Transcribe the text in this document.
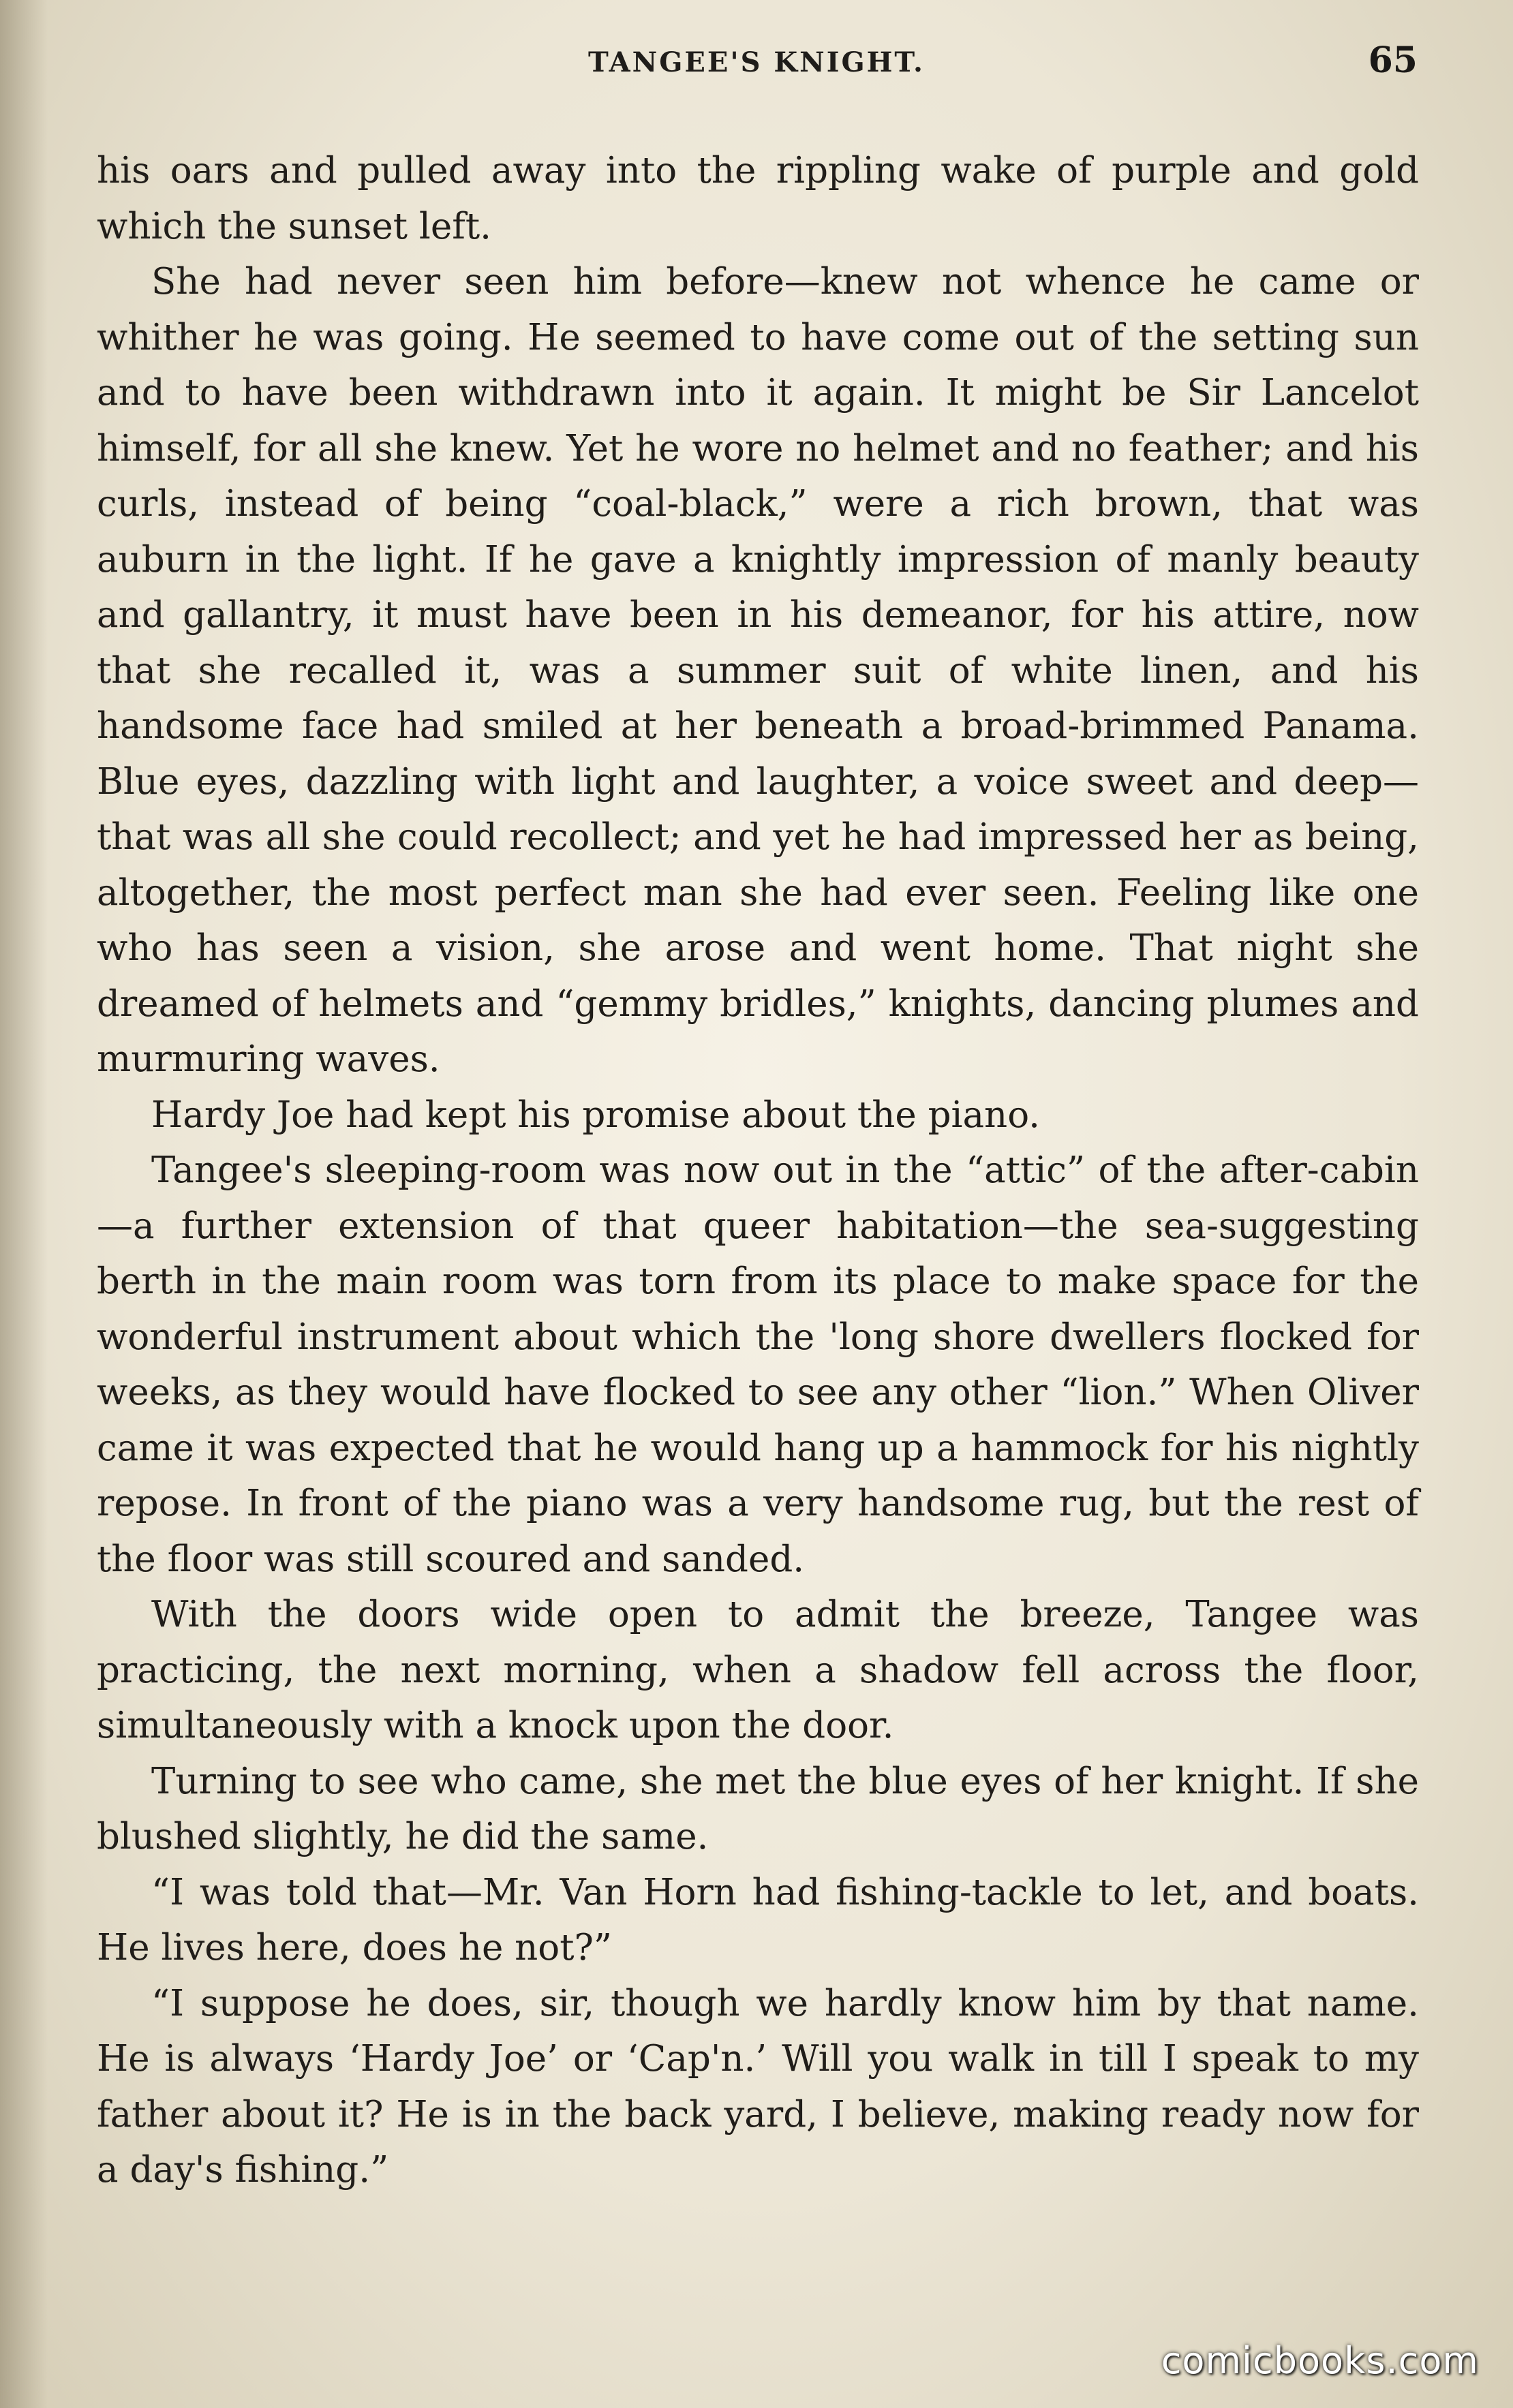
TANGEE'S KNIGHT.	65

his oars and pulled away into the rippling wake of purple and gold which the sunset left.

She had never seen him before—knew not whence he came or whither he was going. He seemed to have come out of the setting sun and to have been withdrawn into it again. It might be Sir Lancelot himself, for all she knew. Yet he wore no helmet and no feather; and his curls, instead of being “coal-black,” were a rich brown, that was auburn in the light. If he gave a knightly impression of manly beauty and gallantry, it must have been in his demeanor, for his attire, now that she recalled it, was a summer suit of white linen, and his handsome face had smiled at her beneath a broad-brimmed Panama. Blue eyes, dazzling with light and laughter, a voice sweet and deep—that was all she could recollect; and yet he had impressed her as being, altogether, the most perfect man she had ever seen. Feeling like one who has seen a vision, she arose and went home. That night she dreamed of helmets and “gemmy bridles,” knights, dancing plumes and murmuring waves.

Hardy Joe had kept his promise about the piano.

Tangee's sleeping-room was now out in the “attic” of the after-cabin—a further extension of that queer habitation—the sea-suggesting berth in the main room was torn from its place to make space for the wonderful instrument about which the 'long shore dwellers flocked for weeks, as they would have flocked to see any other “lion.” When Oliver came it was expected that he would hang up a hammock for his nightly repose. In front of the piano was a very handsome rug, but the rest of the floor was still scoured and sanded.

With the doors wide open to admit the breeze, Tangee was practicing, the next morning, when a shadow fell across the floor, simultaneously with a knock upon the door.

Turning to see who came, she met the blue eyes of her knight. If she blushed slightly, he did the same.

“I was told that—Mr. Van Horn had fishing-tackle to let, and boats. He lives here, does he not?”

“I suppose he does, sir, though we hardly know him by that name. He is always ‘Hardy Joe’ or ‘Cap'n.’ Will you walk in till I speak to my father about it? He is in the back yard, I believe, making ready now for a day's fishing.”

comicbooks.com
